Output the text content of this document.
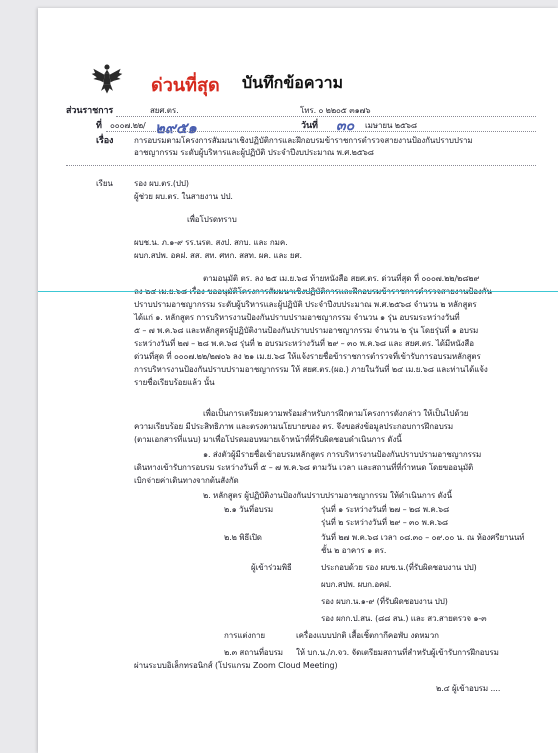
ด่วนที่สุด บันทึกข้อความ
ส่วนราชการ	สยศ.ตร.	โทร. ๐ ๒๒๐๕ ๓๑๗๖
ที่ ๐๐๐๗.๒๒/ ๒๙๕๑	วันที่ ๓๐ เมษายน ๒๕๖๘
เรื่อง	การอบรมตามโครงการสัมมนาเชิงปฏิบัติการและฝึกอบรมข้าราชการตำรวจสายงานป้องกันปราบปราม
อาชญากรรม ระดับผู้บริหารและผู้ปฏิบัติ ประจำปีงบประมาณ พ.ศ.๒๕๖๘
เรียน	รอง ผบ.ตร.(ปป)
ผู้ช่วย ผบ.ตร. ในสายงาน ปป.
เพื่อโปรดทราบ
ผบช.น. ภ.๑-๙ รร.นรต. สงป. สกบ. และ กมค.
ผบก.สปพ. อคฝ. สส. สท. ศทก. สสท. ผค. และ ยศ.
ตามอนุมัติ ตร. ลง ๒๕ เม.ย.๖๘ ท้ายหนังสือ สยศ.ตร. ด่วนที่สุด ที่ ๐๐๐๗.๒๒/๒๘๒๙
ปราบปรามอาชญากรรม ระดับผู้บริหารและผู้ปฏิบัติ ประจำปีงบประมาณ พ.ศ.๒๕๖๘ จำนวน ๒ หลักสูตร
ได้แก่ ๑. หลักสูตร การบริหารงานป้องกันปราบปรามอาชญากรรม จำนวน ๑ รุ่น อบรมระหว่างวันที่
๕ – ๗ พ.ค.๖๘ และหลักสูตรผู้ปฏิบัติงานป้องกันปราบปรามอาชญากรรม จำนวน ๒ รุ่น โดยรุ่นที่ ๑ อบรม
ระหว่างวันที่ ๒๗ – ๒๘ พ.ค.๖๘ รุ่นที่ ๒ อบรมระหว่างวันที่ ๒๙ – ๓๐ พ.ค.๖๘ และ สยศ.ตร. ได้มีหนังสือ
ด่วนที่สุด ที่ ๐๐๐๗.๒๒/๒๗๐๖ ลง ๒๑ เม.ย.๖๘ ให้แจ้งรายชื่อข้าราชการตำรวจที่เข้ารับการอบรมหลักสูตร
การบริหารงานป้องกันปราบปรามอาชญากรรม ให้ สยศ.ตร.(ผอ.) ภายในวันที่ ๒๔ เม.ย.๖๘ และท่านได้แจ้ง
รายชื่อเรียบร้อยแล้ว นั้น
เพื่อเป็นการเตรียมความพร้อมสำหรับการฝึกตามโครงการดังกล่าว ให้เป็นไปด้วย
ความเรียบร้อย มีประสิทธิภาพ และตรงตามนโยบายของ ตร. จึงขอส่งข้อมูลประกอบการฝึกอบรม
(ตามเอกสารที่แนบ) มาเพื่อโปรดมอบหมายเจ้าหน้าที่ที่รับผิดชอบดำเนินการ ดังนี้
๑. ส่งตัวผู้มีรายชื่อเข้าอบรมหลักสูตร การบริหารงานป้องกันปราบปรามอาชญากรรม
เดินทางเข้ารับการอบรม ระหว่างวันที่ ๕ – ๗ พ.ค.๖๘ ตามวัน เวลา และสถานที่ที่กำหนด โดยขออนุมัติ
เบิกจ่ายค่าเดินทางจากต้นสังกัด
๒. หลักสูตร ผู้ปฏิบัติงานป้องกันปราบปรามอาชญากรรม ให้ดำเนินการ ดังนี้
๒.๑ วันที่อบรม	รุ่นที่ ๑ ระหว่างวันที่ ๒๗ – ๒๘ พ.ค.๖๘
รุ่นที่ ๒ ระหว่างวันที่ ๒๙ – ๓๐ พ.ค.๖๘
๒.๒ พิธีเปิด	วันที่ ๒๗ พ.ค.๖๘ เวลา ๐๘.๓๐ – ๐๙.๐๐ น. ณ ห้องศรียานนท์
ชั้น ๒ อาคาร ๑ ตร.
ผู้เข้าร่วมพิธี	ประกอบด้วย รอง ผบช.น.(ที่รับผิดชอบงาน ปป)
ผบก.สปพ. ผบก.อคฝ.
รอง ผบก.น.๑-๙ (ที่รับผิดชอบงาน ปป)
รอง ผกก.ป.สน. (๘๘ สน.) และ สว.สายตรวจ ๑-๓
การแต่งกาย	เครื่องแบบปกติ เสื้อเชิ้ตกากีคอพับ งดหมวก
๒.๓ สถานที่อบรม ให้ บก.น./ภ.จว. จัดเตรียมสถานที่สำหรับผู้เข้ารับการฝึกอบรม
ผ่านระบบอิเล็กทรอนิกส์ (โปรแกรม Zoom Cloud Meeting)
๒.๔ ผู้เข้าอบรม ....
